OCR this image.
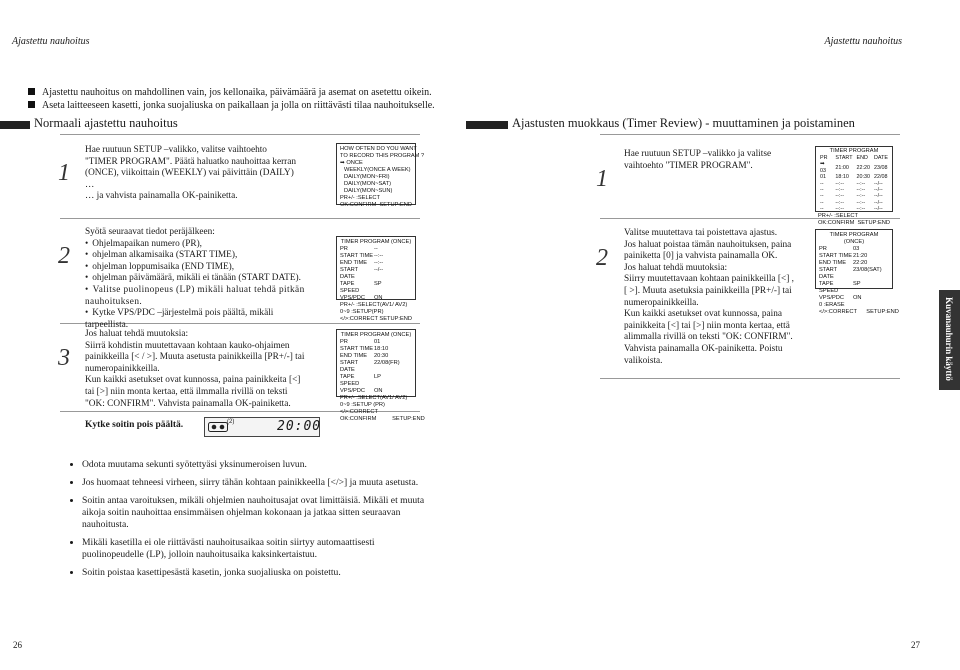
Ajastettu nauhoitus	Ajastettu nauhoitus
Ajastettu nauhoitus on mahdollinen vain, jos kellonaika, päivämäärä ja asemat on asetettu oikein.
Aseta laitteeseen kasetti, jonka suojaliuska on paikallaan ja jolla on riittävästi tilaa nauhoitukselle.
Normaali ajastettu nauhoitus	Ajastusten muokkaus (Timer Review) - muuttaminen ja poistaminen
1

Hae ruutuun SETUP –valikko, valitse vaihtoehto "TIMER PROGRAM". Päätä haluatko nauhoittaa kerran (ONCE), viikoittain (WEEKLY) vai päivittäin (DAILY) …

… ja vahvista painamalla OK-painiketta.

HOW OFTEN DO YOU WANT
TO RECORD THIS PROGRAM ?
➡
ONCE
WEEKLY(ONCE A WEEK)
DAILY(MON~FRI)
DAILY(MON~SAT)
DAILY(MON~SUN)
PR+/- :SELECT
OK:CONFIRM SETUP:END
2

Syötä seuraavat tiedot peräjälkeen:

• Ohjelmapaikan numero (PR),

• ohjelman alkamisaika (START TIME),

• ohjelman loppumisaika (END TIME),

• ohjelman päivämäärä, mikäli ei tänään (START DATE).

• Valitse puolinopeus (LP) mikäli haluat tehdä pitkän nauhoituksen.

• Kytke VPS/PDC –järjestelmä pois päältä, mikäli tarpeellista.

TIMER PROGRAM (ONCE)
PR	--
START TIME --:--
END TIME	--:--
START DATE
--/--
TAPE SPEED
SP
VPS/PDC	ON
PR+/- :SELECT(AV1/ AV2)
0~9 :SETUP(PR)
</>:CORRECT SETUP:END
3

Jos haluat tehdä muutoksia:

Siirrä kohdistin muutettavaan kohtaan kauko-ohjaimen painikkeilla [< / >]. Muuta asetusta painikkeilla [PR+/-] tai numeropainikkeilla.

Kun kaikki asetukset ovat kunnossa, paina painikkeita [<] tai [>] niin monta kertaa, että ilmmalla rivillä on teksti "OK: CONFIRM". Vahvista painamalla OK-painiketta.

TIMER PROGRAM (ONCE)
PR	01
START TIME 18:10
END TIME	20:30
START DATE
22/08(FR)
TAPE SPEED
LP
VPS/PDC	ON
PR+/- :SELECT(AV1/ AV2)
0~9 :SETUP (PR)
</>:CORRECT
OK:CONFIRM          SETUP:END
Kytke soitin pois päältä.	(2)	20:00
1
Hae ruutuun SETUP –valikko ja valitse vaihtoehto "TIMER PROGRAM".
TIMER PROGRAM
PR	START	END	DATE
➡ 03	21:00	22:20	23/08
01	18:10	20:30	22/08
--	--:--	--:--	--/--
--	--:--	--:--	--/--
--	--:--	--:--	--/--
--	--:--	--:--	--/--
--	--:--	--:--	--/--
PR+/- :SELECT
OK:CONFIRM SETUP:END
2

Valitse muutettava tai poistettava ajastus.

Jos haluat poistaa tämän nauhoituksen, paina painiketta [0] ja vahvista painamalla OK.

Jos haluat tehdä muutoksia:

Siirry muutettavaan kohtaan painikkeilla [<] ,[ >]. Muuta asetuksia painikkeilla [PR+/-] tai numeropainikkeilla.

Kun kaikki asetukset ovat kunnossa, paina painikkeita [<] tai [>] niin monta kertaa, että alimmalla rivillä on teksti "OK: CONFIRM". Vahvista painamalla OK-painiketta. Poistu valikoista.

TIMER PROGRAM (ONCE)
PR	03
START TIME 21:20
END TIME	22:20
START DATE
23/08(SAT)
TAPE SPEED
SP
VPS/PDC	ON
0 :ERASE
</>:CORRECT      SETUP:END	Kuvanauhurin käyttö
• Odota muutama sekunti syötettyäsi yksinumeroisen luvun.
• Jos huomaat tehneesi virheen, siirry tähän kohtaan painikkeella [</>] ja muuta asetusta.
• Soitin antaa varoituksen, mikäli ohjelmien nauhoitusajat ovat limittäisiä. Mikäli et muuta aikoja soitin nauhoittaa ensimmäisen ohjelman kokonaan ja jatkaa sitten seuraavan nauhoitusta.
• Mikäli kasetilla ei ole riittävästi nauhoitusaikaa soitin siirtyy automaattisesti puolinopeudelle (LP), jolloin nauhoitusaika kaksinkertaistuu.
• Soitin poistaa kasettipesästä kasetin, jonka suojaliuska on poistettu.
26	27
